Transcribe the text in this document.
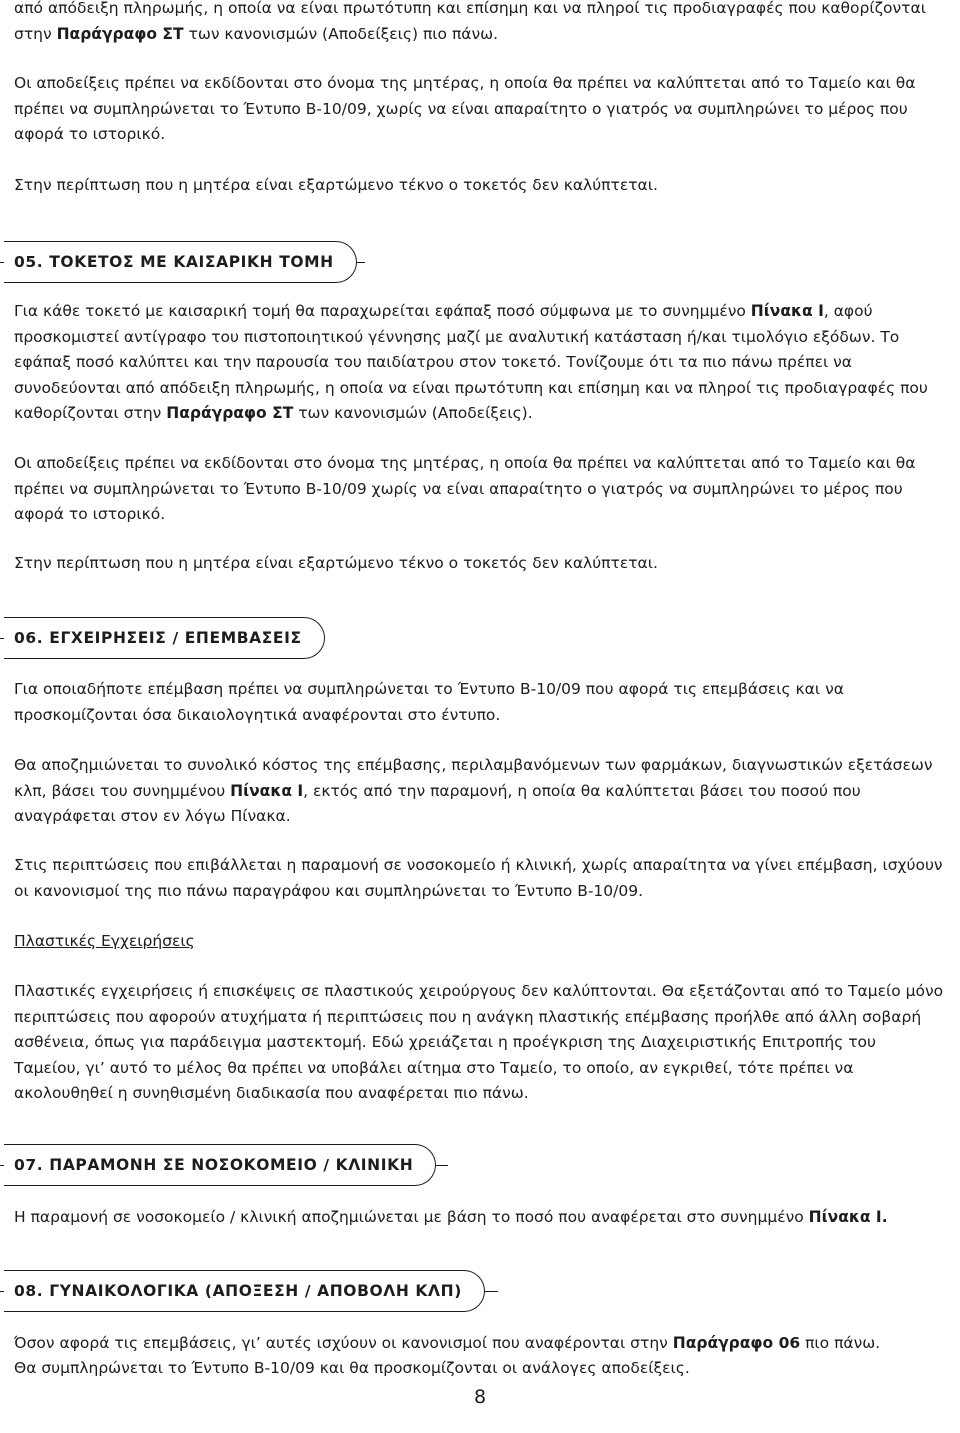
από απόδειξη πληρωμής, η οποία να είναι πρωτότυπη και επίσημη και να πληροί τις προδιαγραφές που καθορίζονται στην Παράγραφο ΣΤ των κανονισμών (Αποδείξεις) πιο πάνω.

Οι αποδείξεις πρέπει να εκδίδονται στο όνομα της μητέρας, η οποία θα πρέπει να καλύπτεται από το Ταμείο και θα πρέπει να συμπληρώνεται το Έντυπο Β-10/09, χωρίς να είναι απαραίτητο ο γιατρός να συμπληρώνει το μέρος που αφορά το ιστορικό.

Στην περίπτωση που η μητέρα είναι εξαρτώμενο τέκνο ο τοκετός δεν καλύπτεται.

05. ΤΟΚΕΤΟΣ ΜΕ ΚΑΙΣΑΡΙΚΗ ΤΟΜΗ

Για κάθε τοκετό με καισαρική τομή θα παραχωρείται εφάπαξ ποσό σύμφωνα με το συνημμένο Πίνακα Ι, αφού προσκομιστεί αντίγραφο του πιστοποιητικού γέννησης μαζί με αναλυτική κατάσταση ή/και τιμολόγιο εξόδων. Το εφάπαξ ποσό καλύπτει και την παρουσία του παιδίατρου στον τοκετό. Τονίζουμε ότι τα πιο πάνω πρέπει να συνοδεύονται από απόδειξη πληρωμής, η οποία να είναι πρωτότυπη και επίσημη και να πληροί τις προδιαγραφές που καθορίζονται στην Παράγραφο ΣΤ των κανονισμών (Αποδείξεις).

Οι αποδείξεις πρέπει να εκδίδονται στο όνομα της μητέρας, η οποία θα πρέπει να καλύπτεται από το Ταμείο και θα πρέπει να συμπληρώνεται το Έντυπο Β-10/09 χωρίς να είναι απαραίτητο ο γιατρός να συμπληρώνει το μέρος που αφορά το ιστορικό.

Στην περίπτωση που η μητέρα είναι εξαρτώμενο τέκνο ο τοκετός δεν καλύπτεται.

06. ΕΓΧΕΙΡΗΣΕΙΣ / ΕΠΕΜΒΑΣΕΙΣ

Για οποιαδήποτε επέμβαση πρέπει να συμπληρώνεται το Έντυπο Β-10/09 που αφορά τις επεμβάσεις και να προσκομίζονται όσα δικαιολογητικά αναφέρονται στο έντυπο.

Θα αποζημιώνεται το συνολικό κόστος της επέμβασης, περιλαμβανόμενων των φαρμάκων, διαγνωστικών εξετάσεων κλπ, βάσει του συνημμένου Πίνακα Ι, εκτός από την παραμονή, η οποία θα καλύπτεται βάσει του ποσού που αναγράφεται στον εν λόγω Πίνακα.

Στις περιπτώσεις που επιβάλλεται η παραμονή σε νοσοκομείο ή κλινική, χωρίς απαραίτητα να γίνει επέμβαση, ισχύουν οι κανονισμοί της πιο πάνω παραγράφου και συμπληρώνεται το Έντυπο Β-10/09.

Πλαστικές Εγχειρήσεις

Πλαστικές εγχειρήσεις ή επισκέψεις σε πλαστικούς χειρούργους δεν καλύπτονται. Θα εξετάζονται από το Ταμείο μόνο περιπτώσεις που αφορούν ατυχήματα ή περιπτώσεις που η ανάγκη πλαστικής επέμβασης προήλθε από άλλη σοβαρή ασθένεια, όπως για παράδειγμα μαστεκτομή. Εδώ χρειάζεται η προέγκριση της Διαχειριστικής Επιτροπής του Ταμείου, γι’ αυτό το μέλος θα πρέπει να υποβάλει αίτημα στο Ταμείο, το οποίο, αν εγκριθεί, τότε πρέπει να ακολουθηθεί η συνηθισμένη διαδικασία που αναφέρεται πιο πάνω.

07. ΠΑΡΑΜΟΝΗ ΣΕ ΝΟΣΟΚΟΜΕΙΟ / ΚΛΙΝΙΚΗ

Η παραμονή σε νοσοκομείο / κλινική αποζημιώνεται με βάση το ποσό που αναφέρεται στο συνημμένο Πίνακα Ι.

08. ΓΥΝΑΙΚΟΛΟΓΙΚΑ (ΑΠΟΞΕΣΗ / ΑΠΟΒΟΛΗ ΚΛΠ)

Όσον αφορά τις επεμβάσεις, γι’ αυτές ισχύουν οι κανονισμοί που αναφέρονται στην Παράγραφο 06 πιο πάνω.

Θα συμπληρώνεται το Έντυπο Β-10/09 και θα προσκομίζονται οι ανάλογες αποδείξεις.

8
